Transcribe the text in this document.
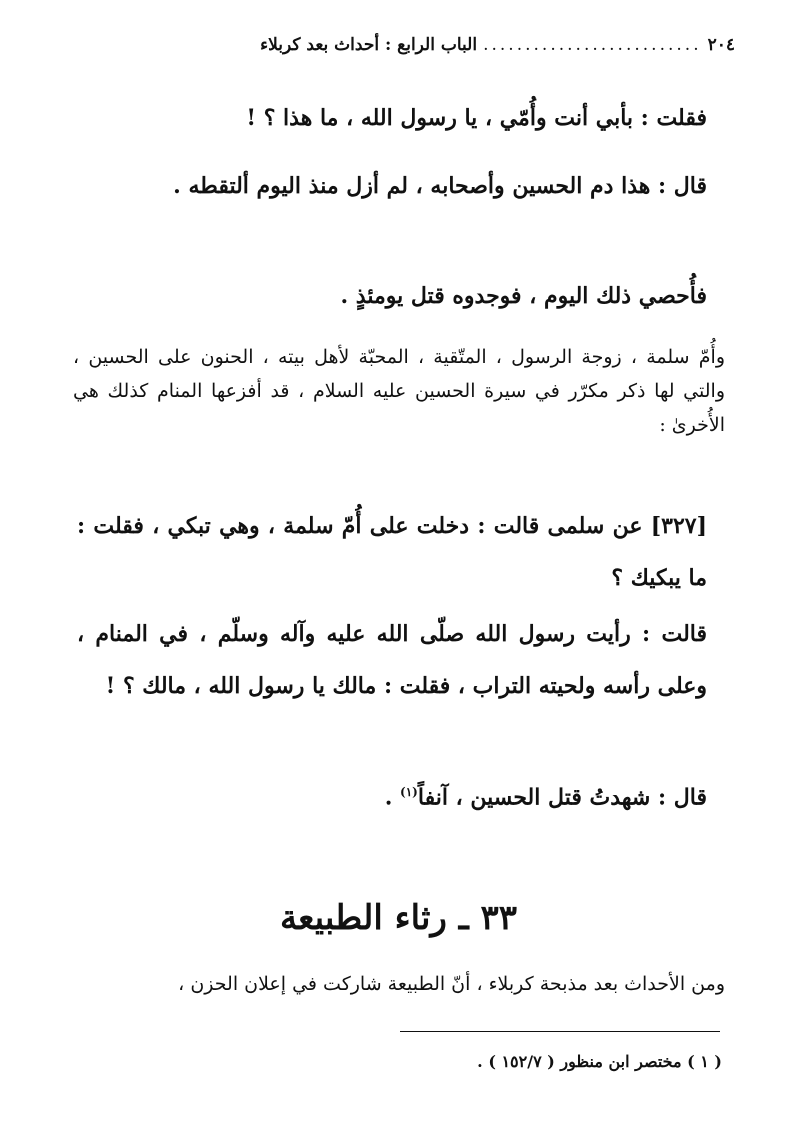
٢٠٤
..........................
الباب الرابع : أحداث بعد كربلاء

فقلت : بأبي أنت وأُمّي ، يا رسول الله ، ما هذا ؟ !

قال : هذا دم الحسين وأصحابه ، لم أزل منذ اليوم ألتقطه .

فأُحصي ذلك اليوم ، فوجدوه قتل يومئذٍ .

وأُمّ سلمة ، زوجة الرسول ، المتّقية ، المحبّة لأهل بيته ، الحنون على الحسين ، والتي لها ذكر مكرّر في سيرة الحسين عليه السلام ، قد أفزعها المنام كذلك هي الأُخرىٰ :

[٣٢٧] عن سلمى قالت : دخلت على أُمّ سلمة ، وهي تبكي ، فقلت : ما يبكيك ؟

قالت : رأيت رسول الله صلّى الله عليه وآله وسلّم ، في المنام ، وعلى رأسه ولحيته التراب ، فقلت : مالك يا رسول الله ، مالك ؟ !

قال : شهدتُ قتل الحسين ، آنفاً$^{(١)}$ .

٣٣ ـ رثاء الطبيعة

ومن الأحداث بعد مذبحة كربلاء ، أنّ الطبيعة شاركت في إعلان الحزن ،

( ١ ) مختصر ابن منظور ( ١٥٢/٧ ) .
